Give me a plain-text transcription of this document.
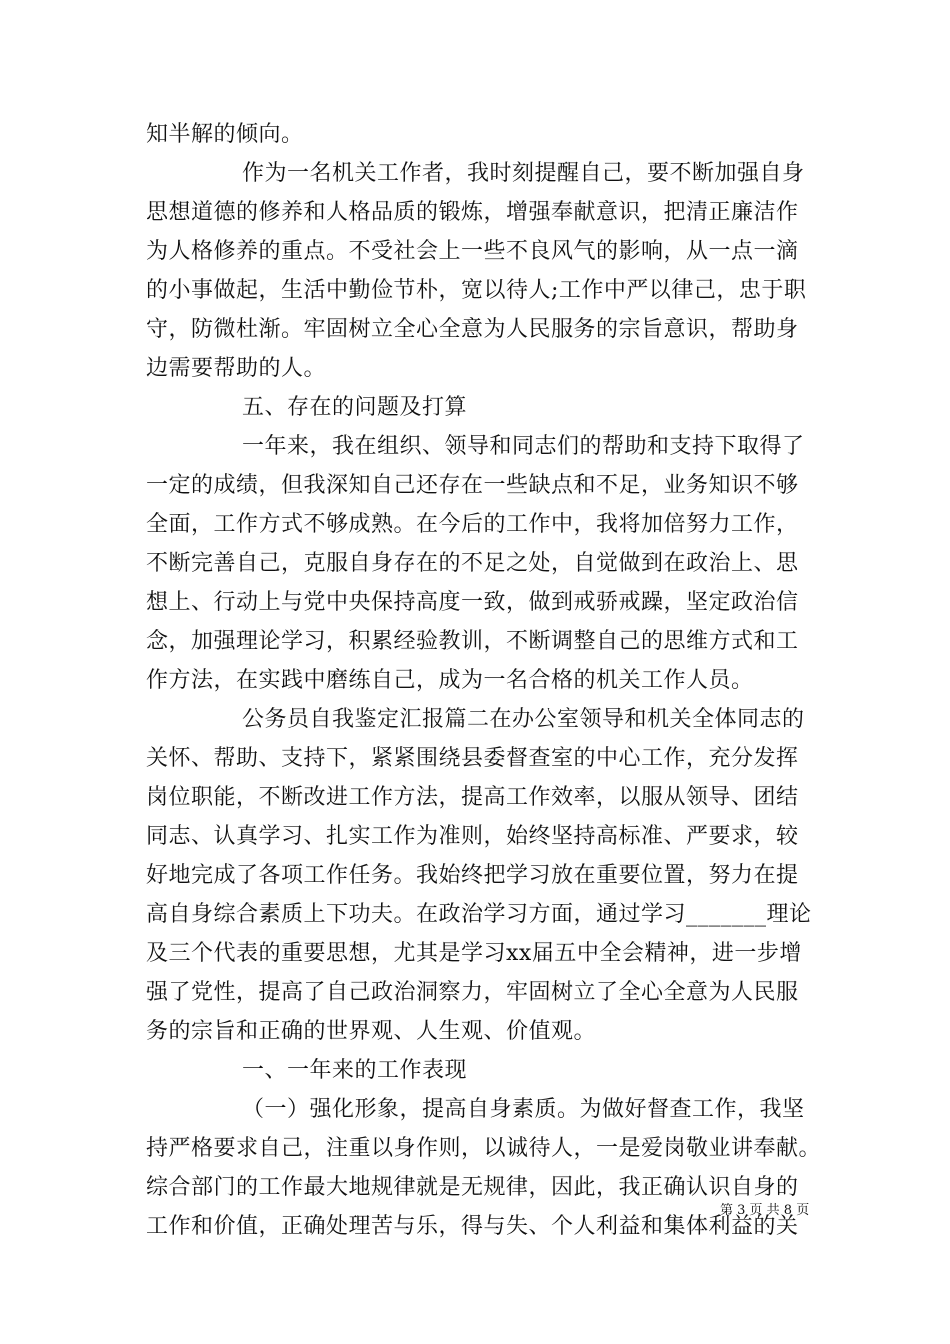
知半解的倾向。
作为一名机关工作者，我时刻提醒自己，要不断加强自身
思想道德的修养和人格品质的锻炼，增强奉献意识，把清正廉洁作
为人格修养的重点。不受社会上一些不良风气的影响，从一点一滴
的小事做起，生活中勤俭节朴，宽以待人;工作中严以律己，忠于职
守，防微杜渐。牢固树立全心全意为人民服务的宗旨意识，帮助身
边需要帮助的人。
五、存在的问题及打算
一年来，我在组织、领导和同志们的帮助和支持下取得了
一定的成绩，但我深知自己还存在一些缺点和不足，业务知识不够
全面，工作方式不够成熟。在今后的工作中，我将加倍努力工作，
不断完善自己，克服自身存在的不足之处，自觉做到在政治上、思
想上、行动上与党中央保持高度一致，做到戒骄戒躁，坚定政治信
念，加强理论学习，积累经验教训，不断调整自己的思维方式和工
作方法，在实践中磨练自己，成为一名合格的机关工作人员。
公务员自我鉴定汇报篇二在办公室领导和机关全体同志的
关怀、帮助、支持下，紧紧围绕县委督查室的中心工作，充分发挥
岗位职能，不断改进工作方法，提高工作效率，以服从领导、团结
同志、认真学习、扎实工作为准则，始终坚持高标准、严要求，较
好地完成了各项工作任务。我始终把学习放在重要位置，努力在提
高自身综合素质上下功夫。在政治学习方面，通过学习_______理论
及三个代表的重要思想，尤其是学习xx届五中全会精神，进一步增
强了党性，提高了自己政治洞察力，牢固树立了全心全意为人民服
务的宗旨和正确的世界观、人生观、价值观。
一、一年来的工作表现
（一）强化形象，提高自身素质。为做好督查工作，我坚
持严格要求自己，注重以身作则，以诚待人，一是爱岗敬业讲奉献。
综合部门的工作最大地规律就是无规律，因此，我正确认识自身的
工作和价值，正确处理苦与乐，得与失、个人利益和集体利益的关
第 3 页 共 8 页
